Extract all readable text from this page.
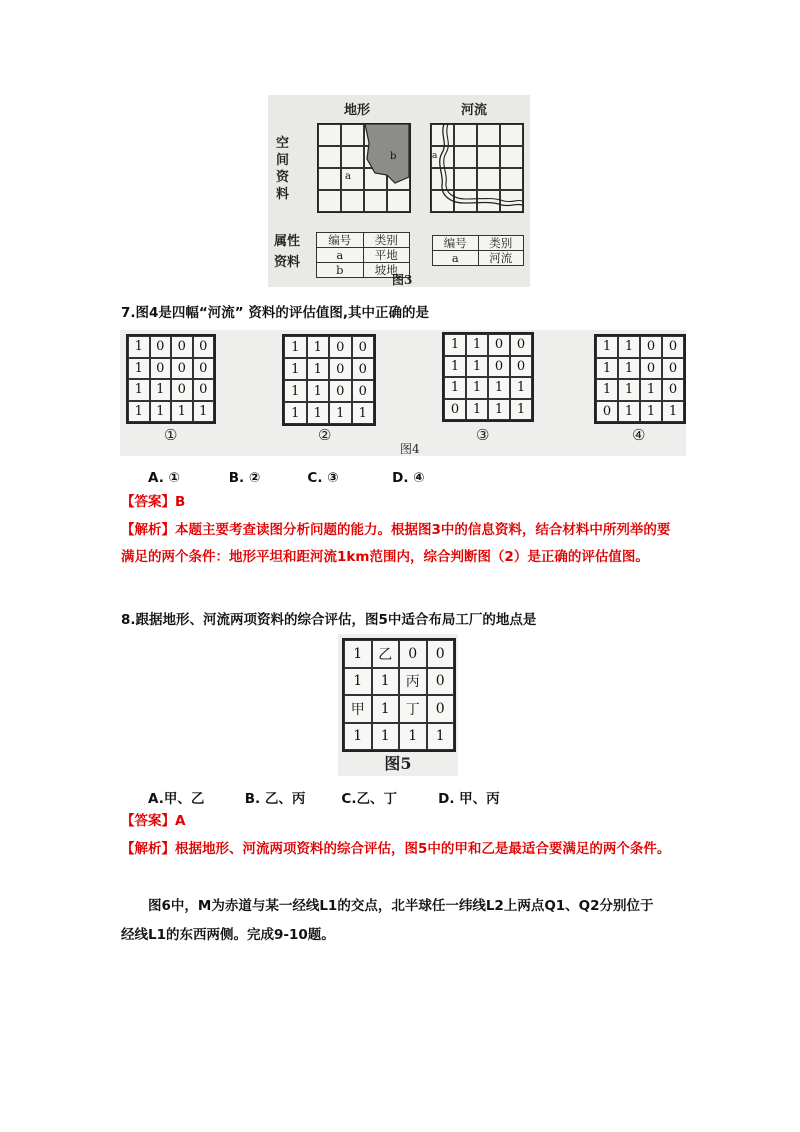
地形	河流
空
间
资
料
a
b	a
属性
资料
编号	类别
a	平地
b	坡地
编号	类别
a	河流
图3
7.图4是四幅“河流” 资料的评估值图,其中正确的是
1	0	0	0
1	0	0	0
1	1	0	0
1	1	1	1
①
1	1	0	0
1	1	0	0
1	1	0	0
1	1	1	1
②
1	1	0	0
1	1	0	0
1	1	1	1
0	1	1	1
③
1	1	0	0
1	1	0	0
1	1	1	0
0	1	1	1
④
图4
A. ①	B. ②	C. ③	D. ④
【答案】B
【解析】本题主要考查读图分析问题的能力。根据图3中的信息资料，结合材料中所列举的要满足的两个条件：地形平坦和距河流1km范围内，综合判断图（2）是正确的评估值图。
8.跟据地形、河流两项资料的综合评估，图5中适合布局工厂的地点是
1	乙	0	0
1	1	丙	0
甲	1	丁	0
1	1	1	1
图5
A.甲、乙	B. 乙、丙	C.乙、丁	D. 甲、丙
【答案】A
【解析】根据地形、河流两项资料的综合评估，图5中的甲和乙是最适合要满足的两个条件。
图6中，M为赤道与某一经线L1的交点，北半球任一纬线L2上两点Q1、Q2分别位于
经线L1的东西两侧。完成9-10题。
